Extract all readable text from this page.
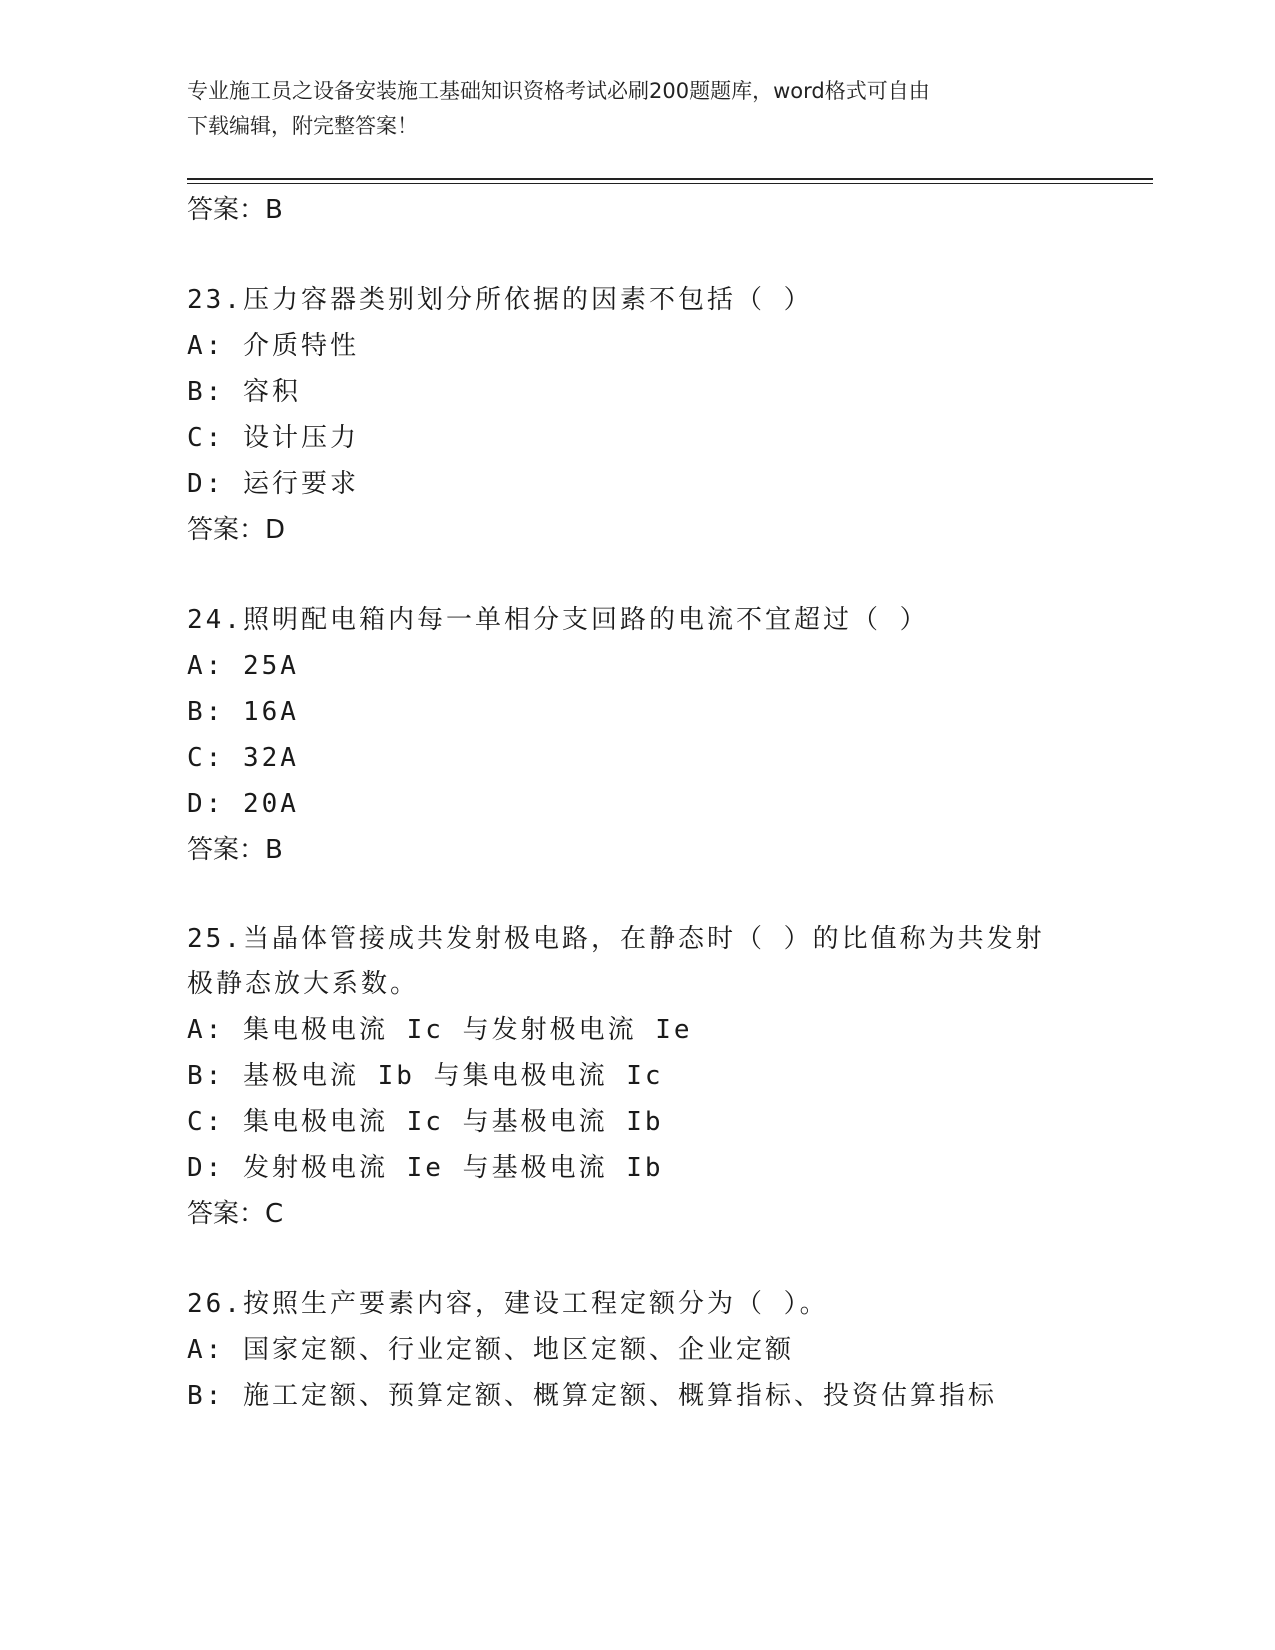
专业施工员之设备安装施工基础知识资格考试必刷200题题库，word格式可自由
下载编辑，附完整答案！
答案：B
23.压力容器类别划分所依据的因素不包括（ ）
A: 介质特性
B: 容积
C: 设计压力
D: 运行要求
答案：D
24.照明配电箱内每一单相分支回路的电流不宜超过（ ）
A: 25A
B: 16A
C: 32A
D: 20A
答案：B
25.当晶体管接成共发射极电路，在静态时（ ）的比值称为共发射极静态放大系数。
A: 集电极电流 Ic 与发射极电流 Ie
B: 基极电流 Ib 与集电极电流 Ic
C: 集电极电流 Ic 与基极电流 Ib
D: 发射极电流 Ie 与基极电流 Ib
答案：C
26.按照生产要素内容，建设工程定额分为（ ）。
A: 国家定额、行业定额、地区定额、企业定额
B: 施工定额、预算定额、概算定额、概算指标、投资估算指标
